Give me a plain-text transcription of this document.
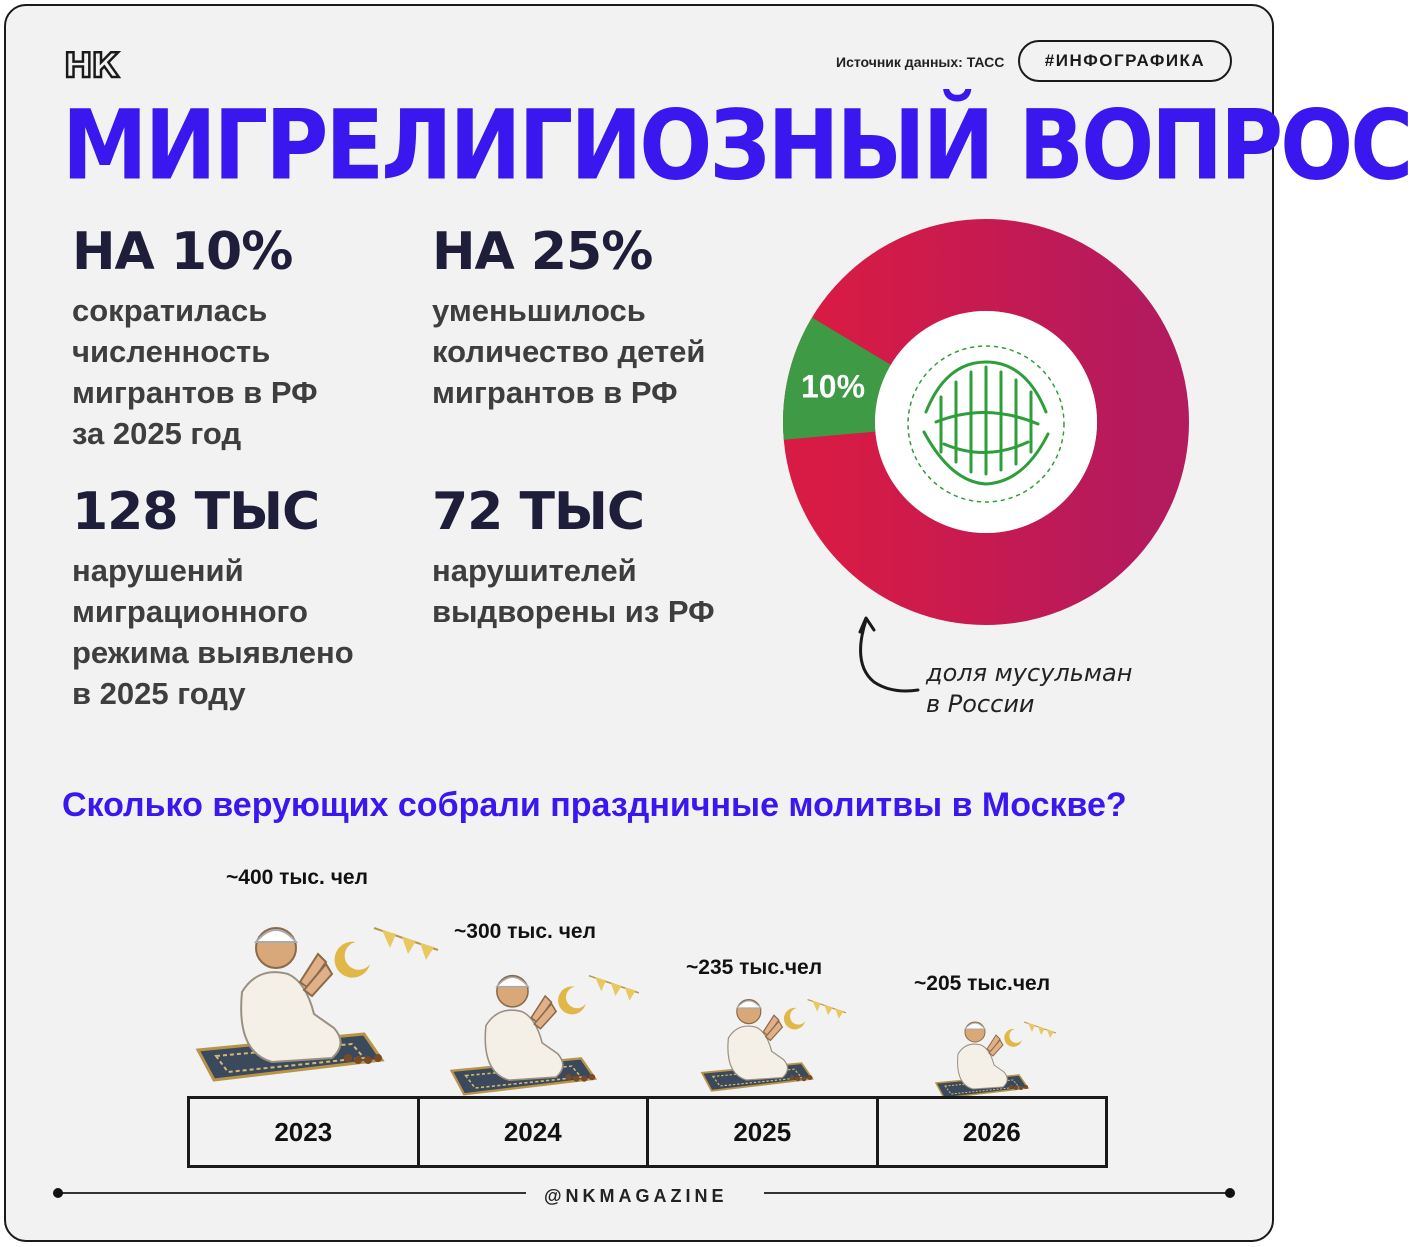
НК	Источник данных: ТАСС	#ИНФОГРАФИКА
МИГРЕЛИГИОЗНЫЙ ВОПРОС
НА 10%
сократилась
численность
мигрантов в РФ
за 2025 год
НА 25%
уменьшилось
количество детей
мигрантов в РФ
128 ТЫС
нарушений
миграционного
режима выявлено
в 2025 году
72 ТЫС
нарушителей
выдворены из РФ
10%
доля мусульман
в России
Сколько верующих собрали праздничные молитвы в Москве?
~400 тыс. чел
~300 тыс. чел
~235 тыс.чел
~205 тыс.чел
2023	2024	2025	2026
@NKMAGAZINE
